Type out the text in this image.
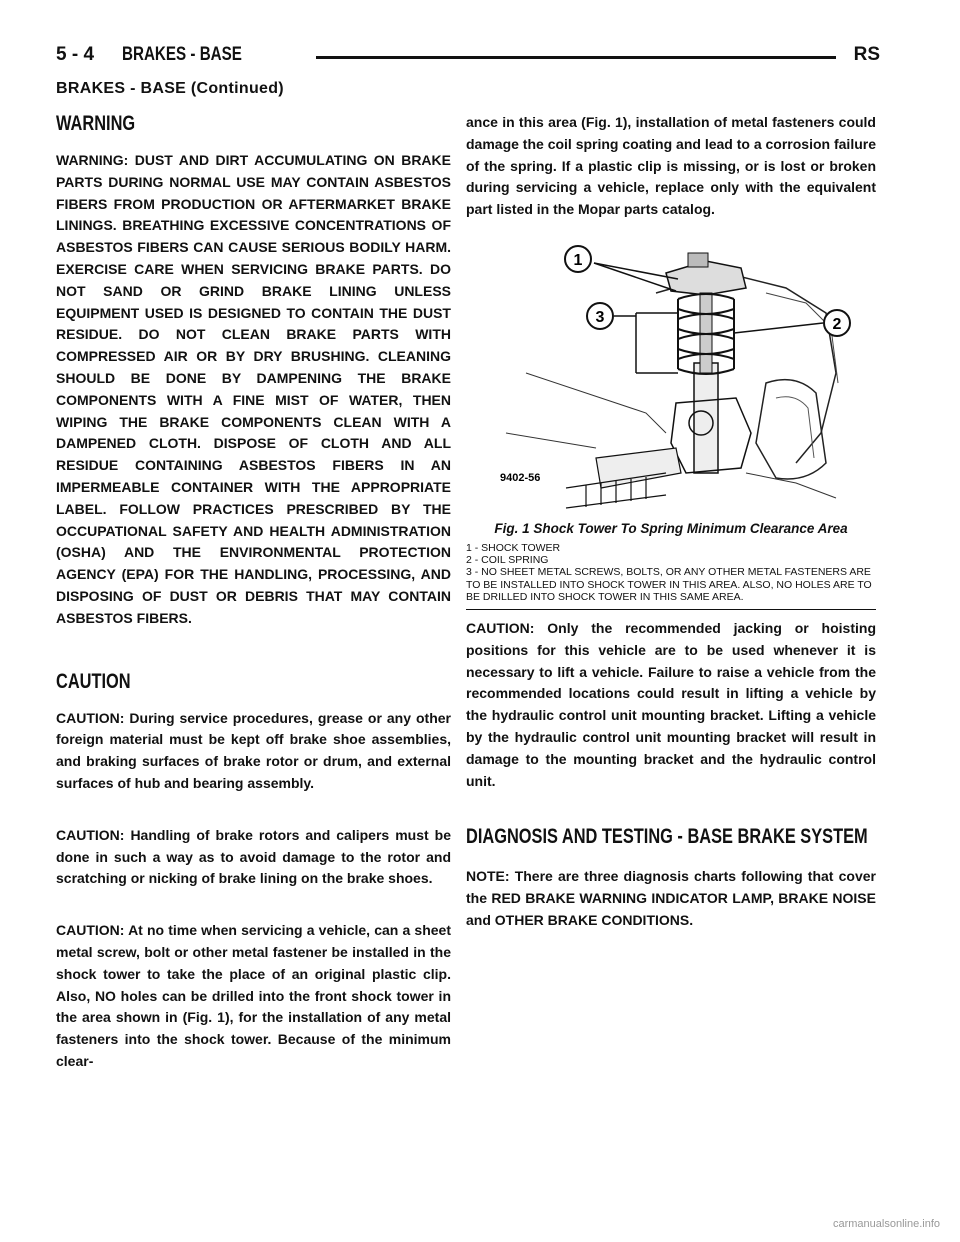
5 - 4 BRAKES - BASE	RS
BRAKES - BASE (Continued)
WARNING

WARNING: DUST AND DIRT ACCUMULATING ON BRAKE PARTS DURING NORMAL USE MAY CONTAIN ASBESTOS FIBERS FROM PRODUCTION OR AFTERMARKET BRAKE LININGS. BREATHING EXCESSIVE CONCENTRATIONS OF ASBESTOS FIBERS CAN CAUSE SERIOUS BODILY HARM. EXERCISE CARE WHEN SERVICING BRAKE PARTS. DO NOT SAND OR GRIND BRAKE LINING UNLESS EQUIPMENT USED IS DESIGNED TO CONTAIN THE DUST RESIDUE. DO NOT CLEAN BRAKE PARTS WITH COMPRESSED AIR OR BY DRY BRUSHING. CLEANING SHOULD BE DONE BY DAMPENING THE BRAKE COMPONENTS WITH A FINE MIST OF WATER, THEN WIPING THE BRAKE COMPONENTS CLEAN WITH A DAMPENED CLOTH. DISPOSE OF CLOTH AND ALL RESIDUE CONTAINING ASBESTOS FIBERS IN AN IMPERMEABLE CONTAINER WITH THE APPROPRIATE LABEL. FOLLOW PRACTICES PRESCRIBED BY THE OCCUPATIONAL SAFETY AND HEALTH ADMINISTRATION (OSHA) AND THE ENVIRONMENTAL PROTECTION AGENCY (EPA) FOR THE HANDLING, PROCESSING, AND DISPOSING OF DUST OR DEBRIS THAT MAY CONTAIN ASBESTOS FIBERS.

CAUTION

CAUTION: During service procedures, grease or any other foreign material must be kept off brake shoe assemblies, and braking surfaces of brake rotor or drum, and external surfaces of hub and bearing assembly.

CAUTION: Handling of brake rotors and calipers must be done in such a way as to avoid damage to the rotor and scratching or nicking of brake lining on the brake shoes.

CAUTION: At no time when servicing a vehicle, can a sheet metal screw, bolt or other metal fastener be installed in the shock tower to take the place of an original plastic clip. Also, NO holes can be drilled into the front shock tower in the area shown in (Fig. 1), for the installation of any metal fasteners into the shock tower. Because of the minimum clear-

ance in this area (Fig. 1), installation of metal fasteners could damage the coil spring coating and lead to a corrosion failure of the spring. If a plastic clip is missing, or is lost or broken during servicing a vehicle, replace only with the equivalent part listed in the Mopar parts catalog.

1
2
3
9402-56
Fig. 1 Shock Tower To Spring Minimum Clearance Area
1 - SHOCK TOWER
2 - COIL SPRING
3 - NO SHEET METAL SCREWS, BOLTS, OR ANY OTHER METAL FASTENERS ARE TO BE INSTALLED INTO SHOCK TOWER IN THIS AREA. ALSO, NO HOLES ARE TO BE DRILLED INTO SHOCK TOWER IN THIS SAME AREA.

CAUTION: Only the recommended jacking or hoisting positions for this vehicle are to be used whenever it is necessary to lift a vehicle. Failure to raise a vehicle from the recommended locations could result in lifting a vehicle by the hydraulic control unit mounting bracket. Lifting a vehicle by the hydraulic control unit mounting bracket will result in damage to the mounting bracket and the hydraulic control unit.

DIAGNOSIS AND TESTING - BASE BRAKE SYSTEM

NOTE: There are three diagnosis charts following that cover the RED BRAKE WARNING INDICATOR LAMP, BRAKE NOISE and OTHER BRAKE CONDITIONS.

carmanualsonline.info
